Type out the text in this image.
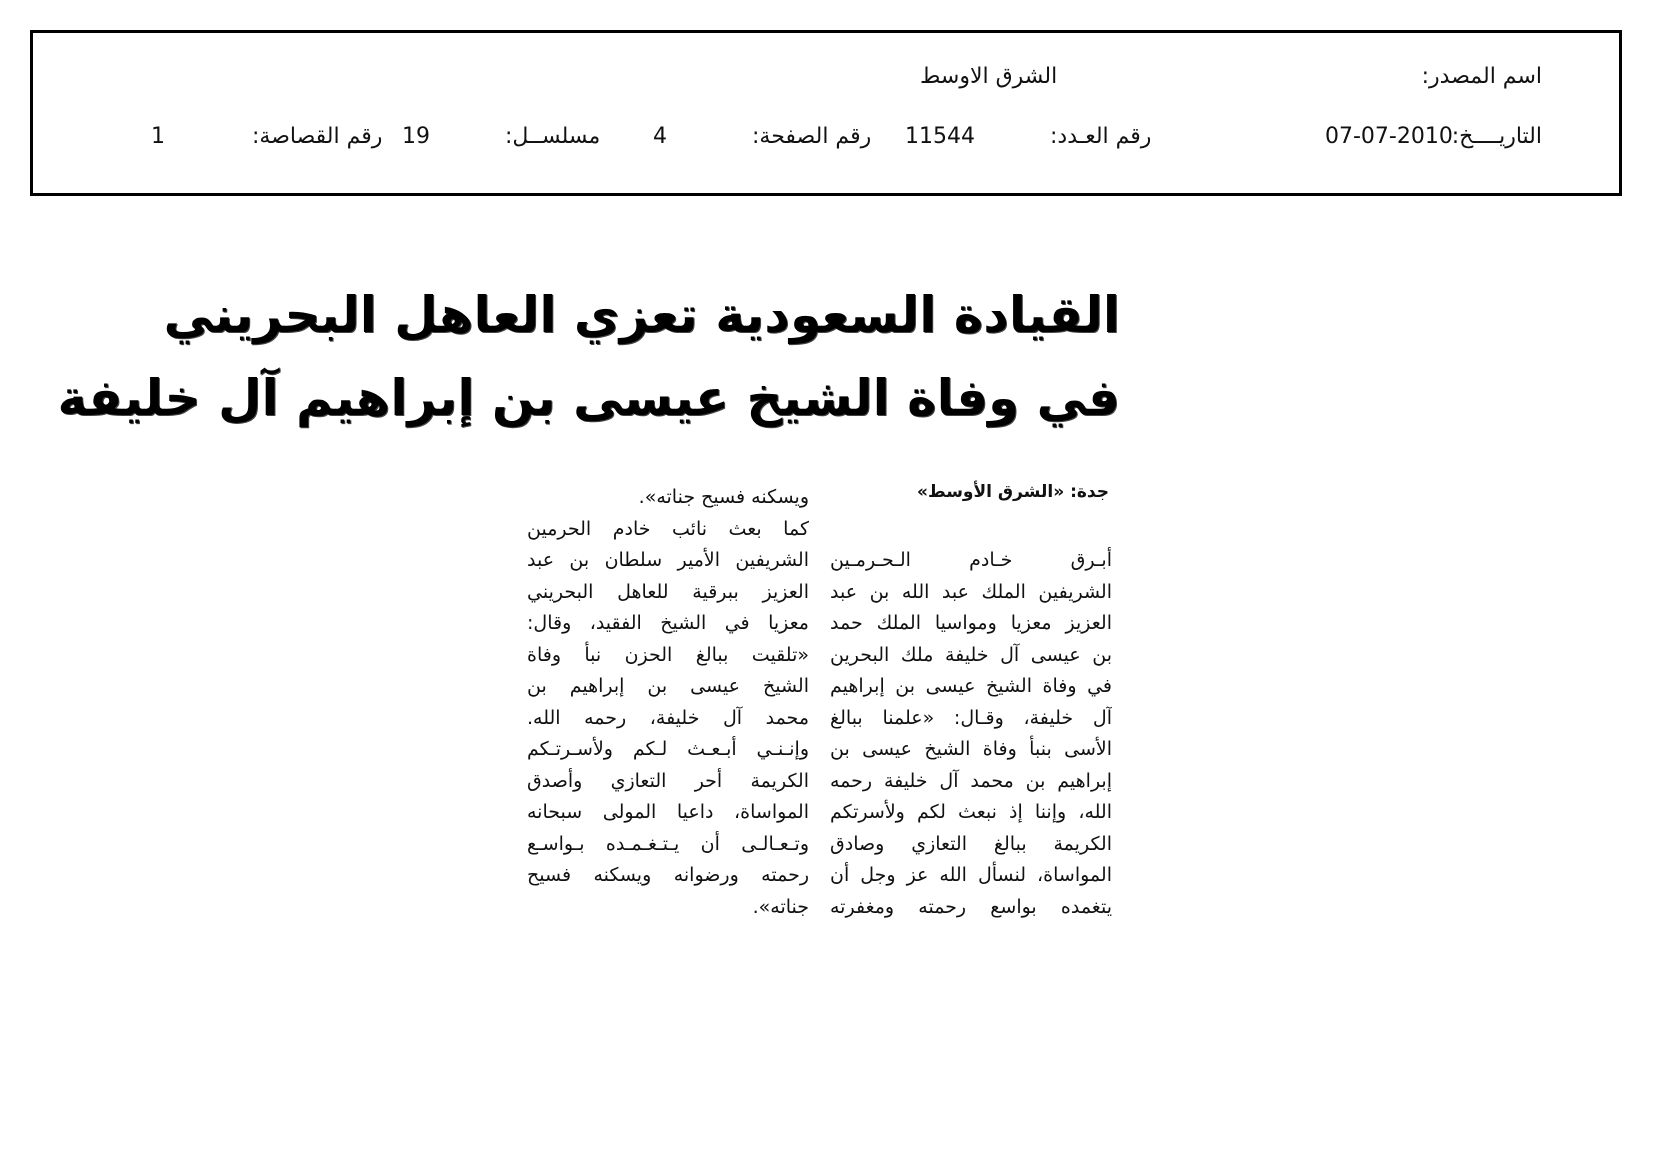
اسم المصدر:
الشرق الاوسط
التاريــــخ:
07-07-2010
رقم العـدد:
11544
رقم الصفحة:
4
مسلســل:
19
رقم القصاصة:
1
القيادة السعودية تعزي العاهل البحريني
في وفاة الشيخ عيسى بن إبراهيم آل خليفة
جدة: «الشرق الأوسط»
أبـرق خـادم الـحـرمـين
الشريفين الملك عبد الله بن عبد
العزيز معزيا ومواسيا الملك حمد
بن عيسى آل خليفة ملك البحرين
في وفاة الشيخ عيسى بن إبراهيم
آل خليفة، وقـال: «علمنا ببالغ
الأسى بنبأ وفاة الشيخ عيسى بن
إبراهيم بن محمد آل خليفة رحمه
الله، وإننا إذ نبعث لكم ولأسرتكم
الكريمة ببالغ التعازي وصادق
المواساة، لنسأل الله عز وجل أن
يتغمده بواسع رحمته ومغفرته
ويسكنه فسيح جناته».
كما بعث نائب خادم الحرمين
الشريفين الأمير سلطان بن عبد
العزيز ببرقية للعاهل البحريني
معزيا في الشيخ الفقيد، وقال:
«تلقيت ببالغ الحزن نبأ وفاة
الشيخ عيسى بن إبراهيم بن
محمد آل خليفة، رحمه الله.
وإنـنـي أبـعـث لـكم ولأسـرتـكم
الكريمة أحر التعازي وأصدق
المواساة، داعيا المولى سبحانه
وتـعـالـى أن يـتـغـمـده بـواسـع
رحمته ورضوانه ويسكنه فسيح
جناته».
